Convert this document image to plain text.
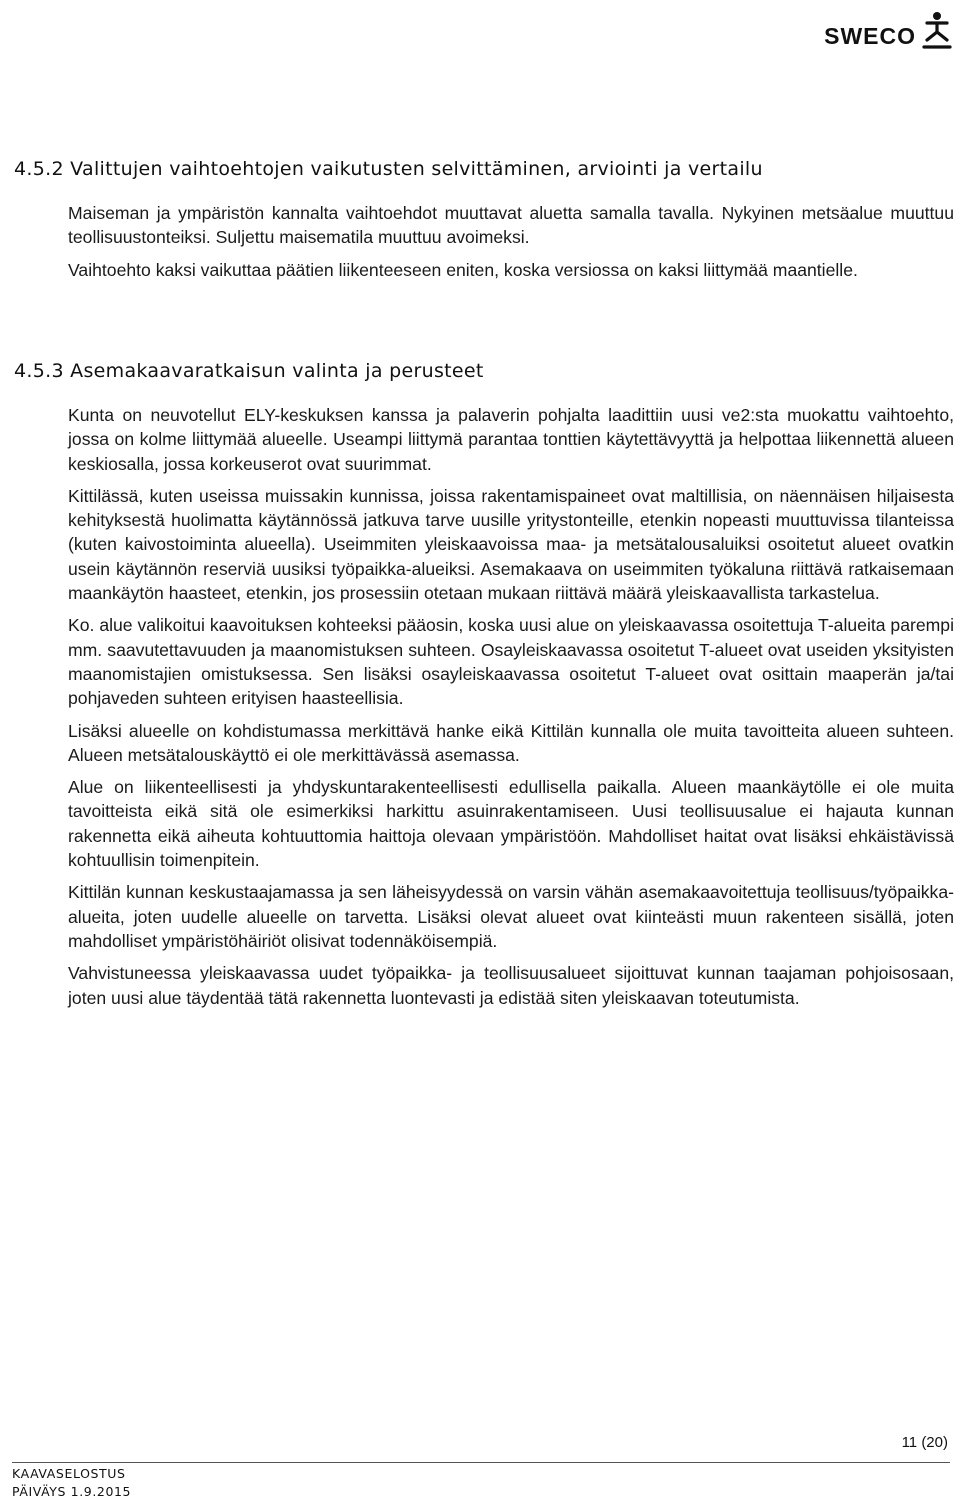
SWECO
4.5.2 Valittujen vaihtoehtojen vaikutusten selvittäminen, arviointi ja vertailu

Maiseman ja ympäristön kannalta vaihtoehdot muuttavat aluetta samalla tavalla. Nykyinen metsäalue muuttuu teollisuustonteiksi. Suljettu maisematila muuttuu avoimeksi.

Vaihtoehto kaksi vaikuttaa päätien liikenteeseen eniten, koska versiossa on kaksi liittymää maantielle.

4.5.3 Asemakaavaratkaisun valinta ja perusteet

Kunta on neuvotellut ELY-keskuksen kanssa ja palaverin pohjalta laadittiin uusi ve2:sta muokattu vaihtoehto, jossa on kolme liittymää alueelle. Useampi liittymä parantaa tonttien käytettävyyttä ja helpottaa liikennettä alueen keskiosalla, jossa korkeuserot ovat suurimmat.

Kittilässä, kuten useissa muissakin kunnissa, joissa rakentamispaineet ovat maltillisia, on näennäisen hiljaisesta kehityksestä huolimatta käytännössä jatkuva tarve uusille yritystonteille, etenkin nopeasti muuttuvissa tilanteissa (kuten kaivostoiminta alueella). Useimmiten yleiskaavoissa maa- ja metsätalousaluiksi osoitetut alueet ovatkin usein käytännön reserviä uusiksi työpaikka-alueiksi. Asemakaava on useimmiten työkaluna riittävä ratkaisemaan maankäytön haasteet, etenkin, jos prosessiin otetaan mukaan riittävä määrä yleiskaavallista tarkastelua.

Ko. alue valikoitui kaavoituksen kohteeksi pääosin, koska uusi alue on yleiskaavassa osoitettuja T-alueita parempi mm. saavutettavuuden ja maanomistuksen suhteen. Osayleiskaavassa osoitetut T-alueet ovat useiden yksityisten maanomistajien omistuksessa. Sen lisäksi osayleiskaavassa osoitetut T-alueet ovat osittain maaperän ja/tai pohjaveden suhteen erityisen haasteellisia.

Lisäksi alueelle on kohdistumassa merkittävä hanke eikä Kittilän kunnalla ole muita tavoitteita alueen suhteen. Alueen metsätalouskäyttö ei ole merkittävässä asemassa.

Alue on liikenteellisesti ja yhdyskuntarakenteellisesti edullisella paikalla. Alueen maankäytölle ei ole muita tavoitteista eikä sitä ole esimerkiksi harkittu asuinrakentamiseen. Uusi teollisuusalue ei hajauta kunnan rakennetta eikä aiheuta kohtuuttomia haittoja olevaan ympäristöön. Mahdolliset haitat ovat lisäksi ehkäistävissä kohtuullisin toimenpitein.

Kittilän kunnan keskustaajamassa ja sen läheisyydessä on varsin vähän asemakaavoitettuja teollisuus/työpaikka-alueita, joten uudelle alueelle on tarvetta. Lisäksi olevat alueet ovat kiinteästi muun rakenteen sisällä, joten mahdolliset ympäristöhäiriöt olisivat todennäköisempiä.

Vahvistuneessa yleiskaavassa uudet työpaikka- ja teollisuusalueet sijoittuvat kunnan taajaman pohjoisosaan, joten uusi alue täydentää tätä rakennetta luontevasti ja edistää siten yleiskaavan toteutumista.

11 (20)
KAAVASELOSTUS
PÄIVÄYS 1.9.2015
